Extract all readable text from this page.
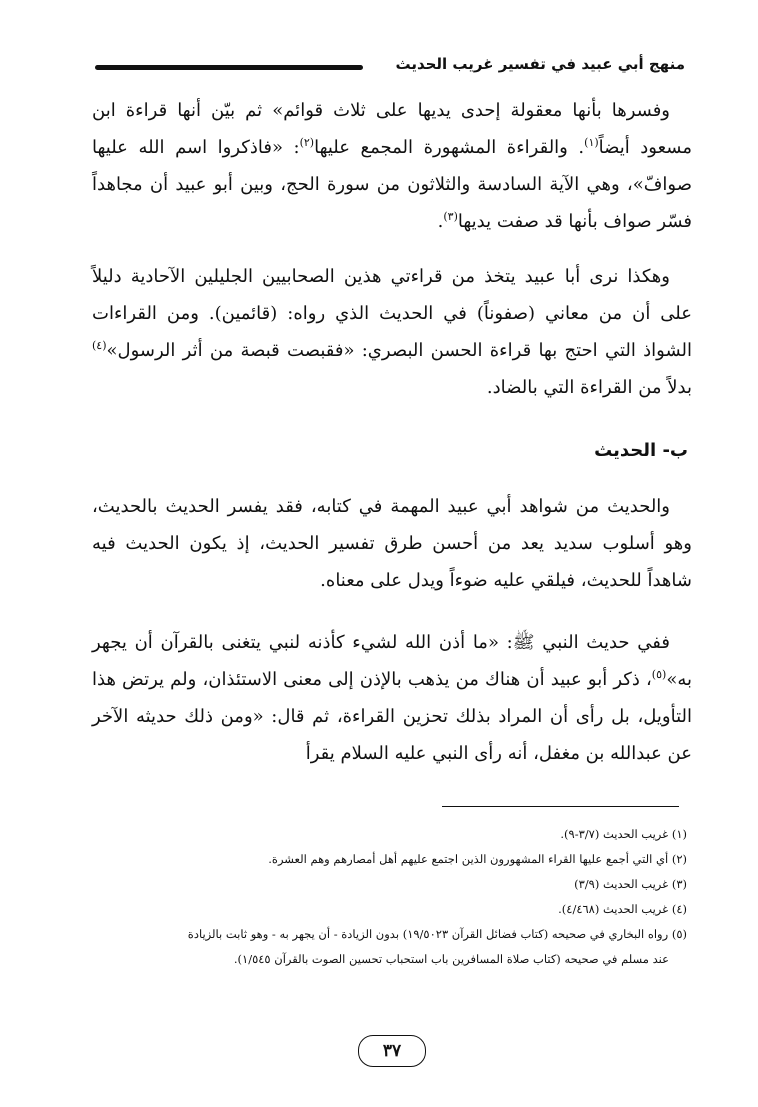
منهج أبي عبيد في تفسير غريب الحديث

وفسرها بأنها معقولة إحدى يديها على ثلاث قوائم» ثم بيّن أنها قراءة ابن مسعود أيضاً$^{(١)}$. والقراءة المشهورة المجمع عليها$^{(٢)}$: «فاذكروا اسم الله عليها صوافّ»، وهي الآية السادسة والثلاثون من سورة الحج، وبين أبو عبيد أن مجاهداً فسّر صواف بأنها قد صفت يديها$^{(٣)}$.

وهكذا نرى أبا عبيد يتخذ من قراءتي هذين الصحابيين الجليلين الآحادية دليلاً على أن من معاني (صفوناً) في الحديث الذي رواه: (قائمين). ومن القراءات الشواذ التي احتج بها قراءة الحسن البصري: «فقبصت قبصة من أثر الرسول»$^{(٤)}$ بدلاً من القراءة التي بالضاد.

ب- الحديث

والحديث من شواهد أبي عبيد المهمة في كتابه، فقد يفسر الحديث بالحديث، وهو أسلوب سديد يعد من أحسن طرق تفسير الحديث، إذ يكون الحديث فيه شاهداً للحديث، فيلقي عليه ضوءاً ويدل على معناه.

ففي حديث النبي ﷺ: «ما أذن الله لشيء كأذنه لنبي يتغنى بالقرآن أن يجهر به»$^{(٥)}$، ذكر أبو عبيد أن هناك من يذهب بالإذن إلى معنى الاستئذان، ولم يرتض هذا التأويل، بل رأى أن المراد بذلك تحزين القراءة، ثم قال: «ومن ذلك حديثه الآخر عن عبدالله بن مغفل، أنه رأى النبي عليه السلام يقرأ

(١) غريب الحديث (٣/٧-٩).
(٢) أي التي أجمع عليها القراء المشهورون الذين اجتمع عليهم أهل أمصارهم وهم العشرة.
(٣) غريب الحديث (٣/٩)
(٤) غريب الحديث (٤/٤٦٨).
(٥) رواه البخاري في صحيحه (كتاب فضائل القرآن ١٩/٥٠٢٣) بدون الزيادة - أن يجهر به - وهو ثابت بالزيادة
عند مسلم في صحيحه (كتاب صلاة المسافرين باب استحباب تحسين الصوت بالقرآن ١/٥٤٥).
٣٧
